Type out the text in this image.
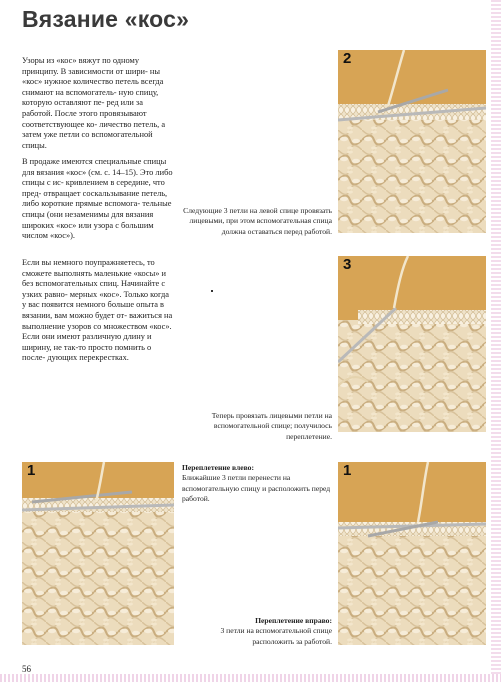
Вязание «кос»

Узоры из «кос» вяжут по одному принципу. В зависимости от шири- ны «кос» нужное количество петель всегда снимают на вспомогатель- ную спицу, которую оставляют пе- ред или за работой. После этого провязывают соответствующее ко- личество петель, а затем уже петли со вспомогательной спицы.

В продаже имеются специальные спицы для вязания «кос» (см. с. 14–15). Это либо спицы с ис- кривлением в середине, что пред- отвращает соскальзывание петель, либо короткие прямые вспомога- тельные спицы (они незаменимы для вязания широких «кос» или узора с большим числом «кос»).

Если вы немного поупражняетесь, то сможете выполнять маленькие «косы» и без вспомогательных спиц. Начинайте с узких равно- мерных «кос». Только когда у вас появится немного больше опыта в вязании, вам можно будет от- важиться на выполнение узоров со множеством «кос». Если они имеют различную длину и ширину, не так-то просто помнить о после- дующих перекрестках.

2

Следующие 3 петли на левой спице провязать лицевыми, при этом вспомогательная спица должна оставаться перед работой.

3

Теперь провязать лицевыми петли на вспомогательной спице; получилось переплетение.

1	Переплетение влево:
Ближайшие 3 петли перенести на вспомогательную спицу и расположить перед работой.
1
Переплетение вправо:
3 петли на вспомогательной спице расположить за работой.
56
